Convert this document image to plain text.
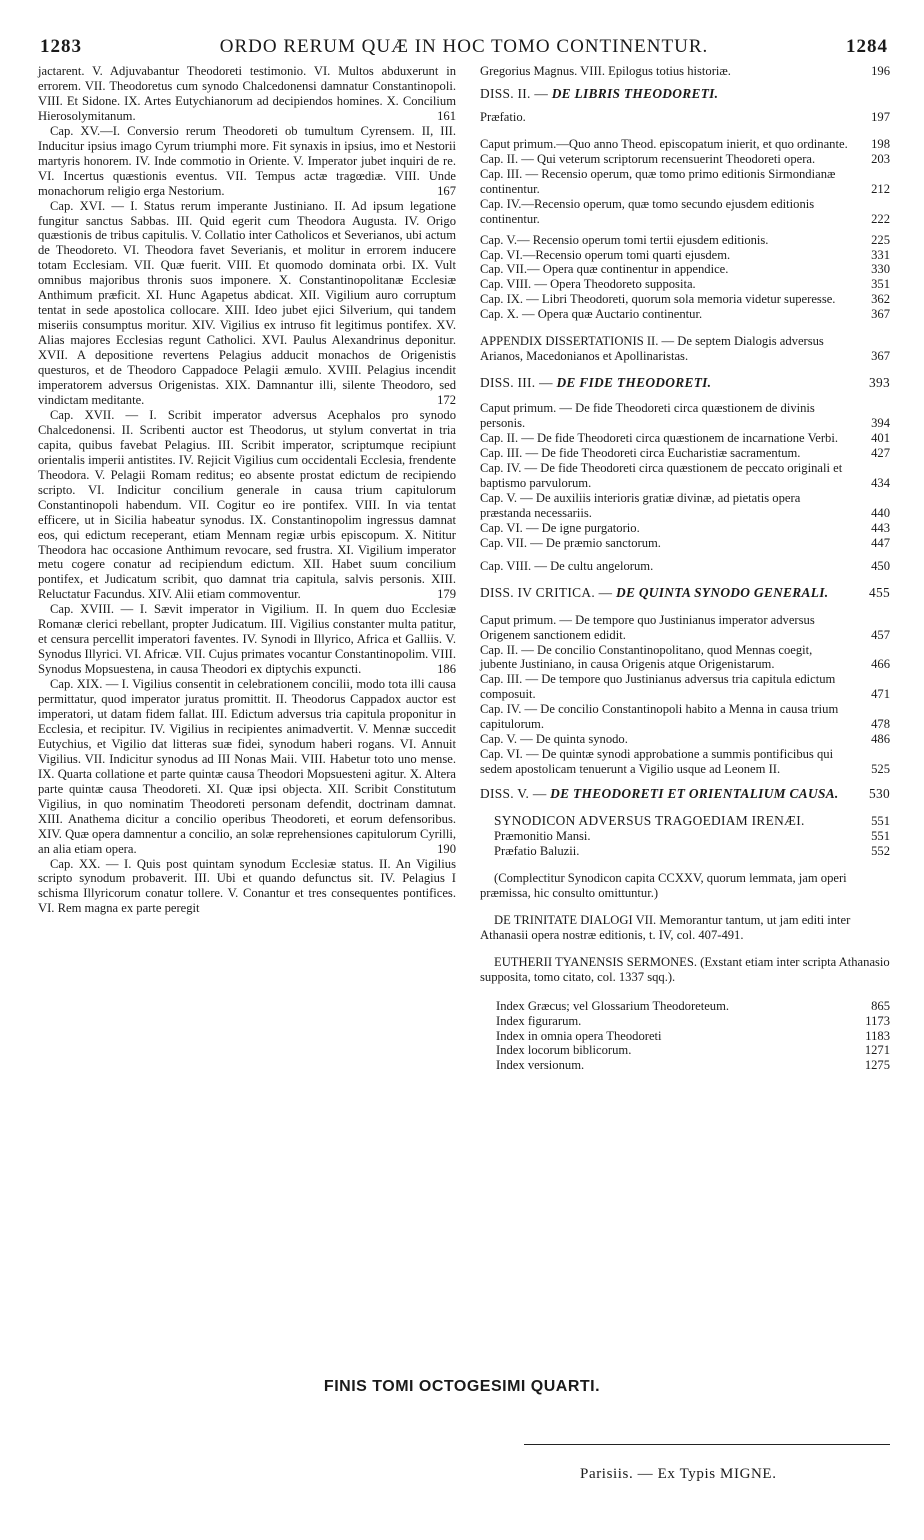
1283	ORDO RERUM QUÆ IN HOC TOMO CONTINENTUR.	1284

jactarent. V. Adjuvabantur Theodoreti testimonio. VI. Multos abduxerunt in errorem. VII. Theodoretus cum synodo Chalcedonensi damnatur Constantinopoli. VIII. Et Sidone. IX. Artes Eutychianorum ad decipiendos homines. X. Concilium Hierosolymitanum.	161

Cap. XV.—I. Conversio rerum Theodoreti ob tumultum Cyrensem. II, III. Inducitur ipsius imago Cyrum triumphi more. Fit synaxis in ipsius, imo et Nestorii martyris honorem. IV. Inde commotio in Oriente. V. Imperator jubet inquiri de re. VI. Incertus quæstionis eventus. VII. Tempus actæ tragœdiæ. VIII. Unde monachorum religio erga Nestorium.	167

Cap. XVI. — I. Status rerum imperante Justiniano. II. Ad ipsum legatione fungitur sanctus Sabbas. III. Quid egerit cum Theodora Augusta. IV. Origo quæstionis de tribus capitulis. V. Collatio inter Catholicos et Severianos, ubi actum de Theodoreto. VI. Theodora favet Severianis, et molitur in errorem inducere totam Ecclesiam. VII. Quæ fuerit. VIII. Et quomodo dominata orbi. IX. Vult omnibus majoribus thronis suos imponere. X. Constantinopolitanæ Ecclesiæ Anthimum præficit. XI. Hunc Agapetus abdicat. XII. Vigilium auro corruptum tentat in sede apostolica collocare. XIII. Ideo jubet ejici Silverium, qui tandem miseriis consumptus moritur. XIV. Vigilius ex intruso fit legitimus pontifex. XV. Alias majores Ecclesias regunt Catholici. XVI. Paulus Alexandrinus deponitur. XVII. A depositione revertens Pelagius adducit monachos de Origenistis questuros, et de Theodoro Cappadoce Pelagii æmulo. XVIII. Pelagius incendit imperatorem adversus Origenistas. XIX. Damnantur illi, silente Theodoro, sed vindictam meditante.	172

Cap. XVII. — I. Scribit imperator adversus Acephalos pro synodo Chalcedonensi. II. Scribenti auctor est Theodorus, ut stylum convertat in tria capita, quibus favebat Pelagius. III. Scribit imperator, scriptumque recipiunt orientalis imperii antistites. IV. Rejicit Vigilius cum occidentali Ecclesia, frendente Theodora. V. Pelagii Romam reditus; eo absente prostat edictum de recipiendo scripto. VI. Indicitur concilium generale in causa trium capitulorum Constantinopoli habendum. VII. Cogitur eo ire pontifex. VIII. In via tentat efficere, ut in Sicilia habeatur synodus. IX. Constantinopolim ingressus damnat eos, qui edictum receperant, etiam Mennam regiæ urbis episcopum. X. Nititur Theodora hac occasione Anthimum revocare, sed frustra. XI. Vigilium imperator metu cogere conatur ad recipiendum edictum. XII. Habet suum concilium pontifex, et Judicatum scribit, quo damnat tria capitula, salvis personis. XIII. Reluctatur Facundus. XIV. Alii etiam commoventur.	179

Cap. XVIII. — I. Sævit imperator in Vigilium. II. In quem duo Ecclesiæ Romanæ clerici rebellant, propter Judicatum. III. Vigilius constanter multa patitur, et censura percellit imperatori faventes. IV. Synodi in Illyrico, Africa et Galliis. V. Synodus Illyrici. VI. Africæ. VII. Cujus primates vocantur Constantinopolim. VIII. Synodus Mopsuestena, in causa Theodori ex diptychis expuncti.	186

Cap. XIX. — I. Vigilius consentit in celebrationem concilii, modo tota illi causa permittatur, quod imperator juratus promittit. II. Theodorus Cappadox auctor est imperatori, ut datam fidem fallat. III. Edictum adversus tria capitula proponitur in Ecclesia, et recipitur. IV. Vigilius in recipientes animadvertit. V. Mennæ succedit Eutychius, et Vigilio dat litteras suæ fidei, synodum haberi rogans. VI. Annuit Vigilius. VII. Indicitur synodus ad III Nonas Maii. VIII. Habetur toto uno mense. IX. Quarta collatione et parte quintæ causa Theodori Mopsuesteni agitur. X. Altera parte quintæ causa Theodoreti. XI. Quæ ipsi objecta. XII. Scribit Constitutum Vigilius, in quo nominatim Theodoreti personam defendit, doctrinam damnat. XIII. Anathema dicitur a concilio operibus Theodoreti, et eorum defensoribus. XIV. Quæ opera damnentur a concilio, an solæ reprehensiones capitulorum Cyrilli, an alia etiam opera.	190

Cap. XX. — I. Quis post quintam synodum Ecclesiæ status. II. An Vigilius scripto synodum probaverit. III. Ubi et quando defunctus sit. IV. Pelagius I schisma Illyricorum conatur tollere. V. Conantur et tres consequentes pontifices. VI. Rem magna ex parte peregit

Gregorius Magnus. VIII. Epilogus totius historiæ.	196
DISS. II. — DE LIBRIS THEODORETI.
Præfatio.	197
Caput primum.—Quo anno Theod. episcopatum inierit, et quo ordinante. 198
Cap. II. — Qui veterum scriptorum recensuerint Theodoreti opera.	203
Cap. III. — Recensio operum, quæ tomo primo editionis Sirmondianæ continentur.	212
Cap. IV.—Recensio operum, quæ tomo secundo ejusdem editionis continentur.	222
Cap. V.— Recensio operum tomi tertii ejusdem editionis.	225
Cap. VI.—Recensio operum tomi quarti ejusdem.	331
Cap. VII.— Opera quæ continentur in appendice.	330
Cap. VIII. — Opera Theodoreto supposita.	351
Cap. IX. — Libri Theodoreti, quorum sola memoria videtur superesse.	362
Cap. X. — Opera quæ Auctario continentur.	367
APPENDIX DISSERTATIONIS II. — De septem Dialogis adversus Arianos, Macedonianos et Apollinaristas.	367
DISS. III. — DE FIDE THEODORETI.	393
Caput primum. — De fide Theodoreti circa quæstionem de divinis personis.	394
Cap. II. — De fide Theodoreti circa quæstionem de incarnatione Verbi.	401
Cap. III. — De fide Theodoreti circa Eucharistiæ sacramentum.	427
Cap. IV. — De fide Theodoreti circa quæstionem de peccato originali et baptismo parvulorum.	434
Cap. V. — De auxiliis interioris gratiæ divinæ, ad pietatis opera præstanda necessariis.	440
Cap. VI. — De igne purgatorio.	443
Cap. VII. — De præmio sanctorum.	447
Cap. VIII. — De cultu angelorum.	450
DISS. IV CRITICA. — DE QUINTA SYNODO GENERALI.	455
Caput primum. — De tempore quo Justinianus imperator adversus Origenem sanctionem edidit.	457
Cap. II. — De concilio Constantinopolitano, quod Mennas coegit, jubente Justiniano, in causa Origenis atque Origenistarum.	466
Cap. III. — De tempore quo Justinianus adversus tria capitula edictum composuit.	471
Cap. IV. — De concilio Constantinopoli habito a Menna in causa trium capitulorum.	478
Cap. V. — De quinta synodo.	486
Cap. VI. — De quintæ synodi approbatione a summis pontificibus qui sedem apostolicam tenuerunt a Vigilio usque ad Leonem II.	525
DISS. V. — DE THEODORETI ET ORIENTALIUM CAUSA. 530
SYNODICON ADVERSUS TRAGOEDIAM IRENÆI.	551
Præmonitio Mansi.	551
Præfatio Baluzii.	552

(Complectitur Synodicon capita CCXXV, quorum lemmata, jam operi præmissa, hic consulto omittuntur.)

DE TRINITATE DIALOGI VII. Memorantur tantum, ut jam editi inter Athanasii opera nostræ editionis, t. IV, col. 407-491.

EUTHERII TYANENSIS SERMONES. (Exstant etiam inter scripta Athanasio supposita, tomo citato, col. 1337 sqq.).

Index Græcus; vel Glossarium Theodoreteum.	865
Index figurarum.	1173
Index in omnia opera Theodoreti	1183
Index locorum biblicorum.	1271
Index versionum.	1275
FINIS TOMI OCTOGESIMI QUARTI.
Parisiis. — Ex Typis MIGNE.
